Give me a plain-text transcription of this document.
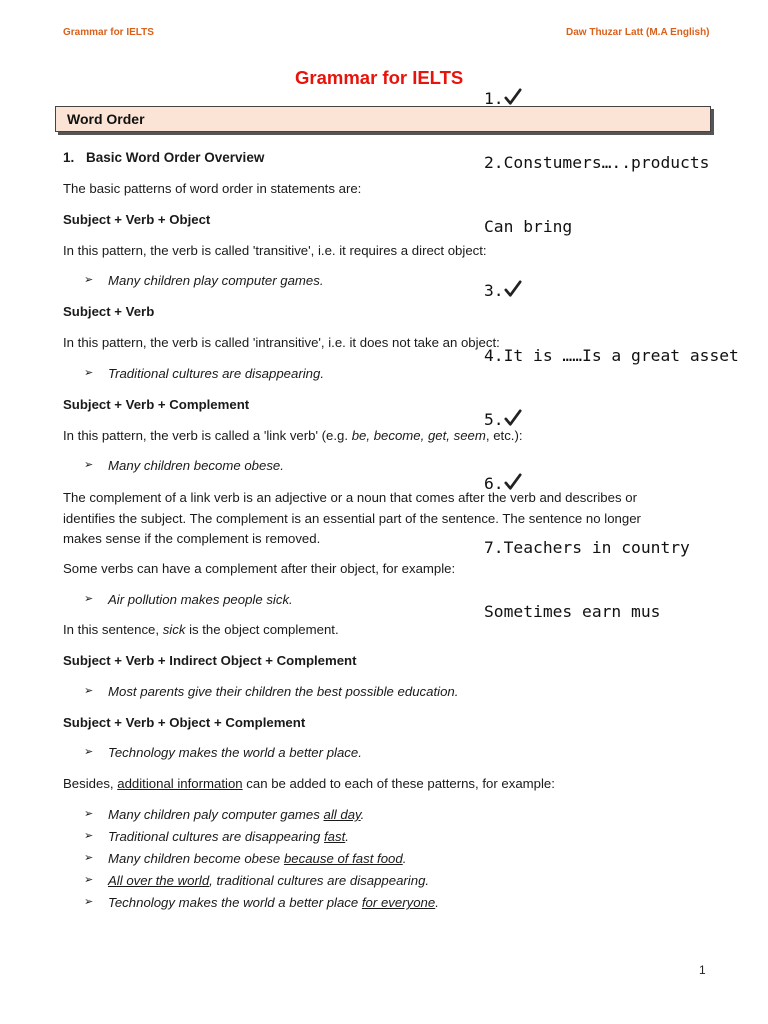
Grammar for IELTS	Daw Thuzar Latt (M.A English)
Grammar for IELTS
Word Order

1.

2.Constumers…..products

Can bring

3.

4.It is ……Is a great asset

5.

6.

7.Teachers in country

Sometimes earn mus

1. Basic Word Order Overview
The basic patterns of word order in statements are:
Subject + Verb + Object
In this pattern, the verb is called 'transitive', i.e. it requires a direct object:
➢ Many children play computer games.
Subject + Verb
In this pattern, the verb is called 'intransitive', i.e. it does not take an object:
➢ Traditional cultures are disappearing.
Subject + Verb + Complement
In this pattern, the verb is called a 'link verb' (e.g. be, become, get, seem, etc.):
➢ Many children become obese.
The complement of a link verb is an adjective or a noun that comes after the verb and describes or
identifies the subject. The complement is an essential part of the sentence. The sentence no longer
makes sense if the complement is removed.
Some verbs can have a complement after their object, for example:
➢ Air pollution makes people sick.
In this sentence, sick is the object complement.
Subject + Verb + Indirect Object + Complement
➢ Most parents give their children the best possible education.
Subject + Verb + Object + Complement
➢ Technology makes the world a better place.
Besides, additional information can be added to each of these patterns, for example:
➢ Many children paly computer games all day.
➢ Traditional cultures are disappearing fast.
➢ Many children become obese because of fast food.
➢ All over the world, traditional cultures are disappearing.
➢ Technology makes the world a better place for everyone.
1
